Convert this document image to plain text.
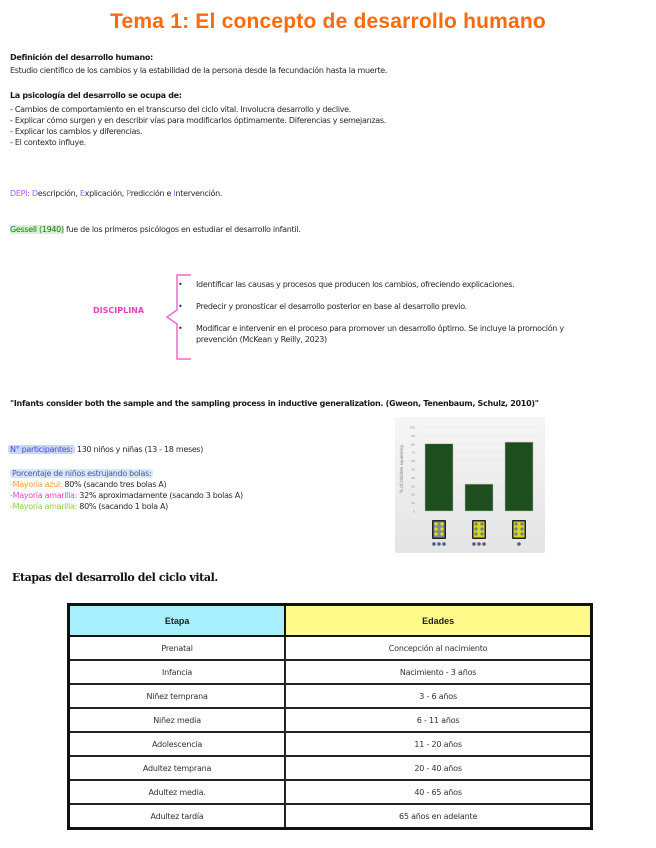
Tema 1: El concepto de desarrollo humano
Definición del desarrollo humano:
Estudio científico de los cambios y la estabilidad de la persona desde la fecundación hasta la muerte.
La psicología del desarrollo se ocupa de:
- Cambios de comportamiento en el transcurso del ciclo vital. Involucra desarrollo y declive.
- Explicar cómo surgen y en describir vías para modificarlos óptimamente. Diferencias y semejanzas.
- Explicar los cambios y diferencias.
- El contexto influye.
DEPI: Descripción, Explicación, Predicción e Intervención.
Gessell (1940) fue de los primeros psicólogos en estudiar el desarrollo infantil.
DISCIPLINA
• Identificar las causas y procesos que producen los cambios, ofreciendo explicaciones.
• Predecir y pronosticar el desarrollo posterior en base al desarrollo previo.
• Modificar e intervenir en el proceso para promover un desarrollo óptimo. Se incluye la promoción y prevención (McKean y Reilly, 2023)
"Infants consider both the sample and the sampling process in inductive generalization. (Gweon, Tenenbaum, Schulz, 2010)"
N° participantes: 130 niños y niñas (13 - 18 meses)
Porcentaje de niños estrujando bolas:
-Mayoría azul: 80% (sacando tres bolas A)
-Mayoría amarilla: 32% aproximadamente (sacando 3 bolas A)
-Mayoría amarilla: 80% (sacando 1 bola A)
0
10
20
30
40
50
60
70
80
90
100
% of children squeezing
Etapas del desarrollo del ciclo vital.
Etapa	Edades
Prenatal	Concepción al nacimiento
Infancia	Nacimiento - 3 años
Niñez temprana	3 - 6 años
Niñez media	6 - 11 años
Adolescencia	11 - 20 años
Adultez temprana	20 - 40 años
Adultez media.	40 - 65 años
Adultez tardía	65 años en adelante
